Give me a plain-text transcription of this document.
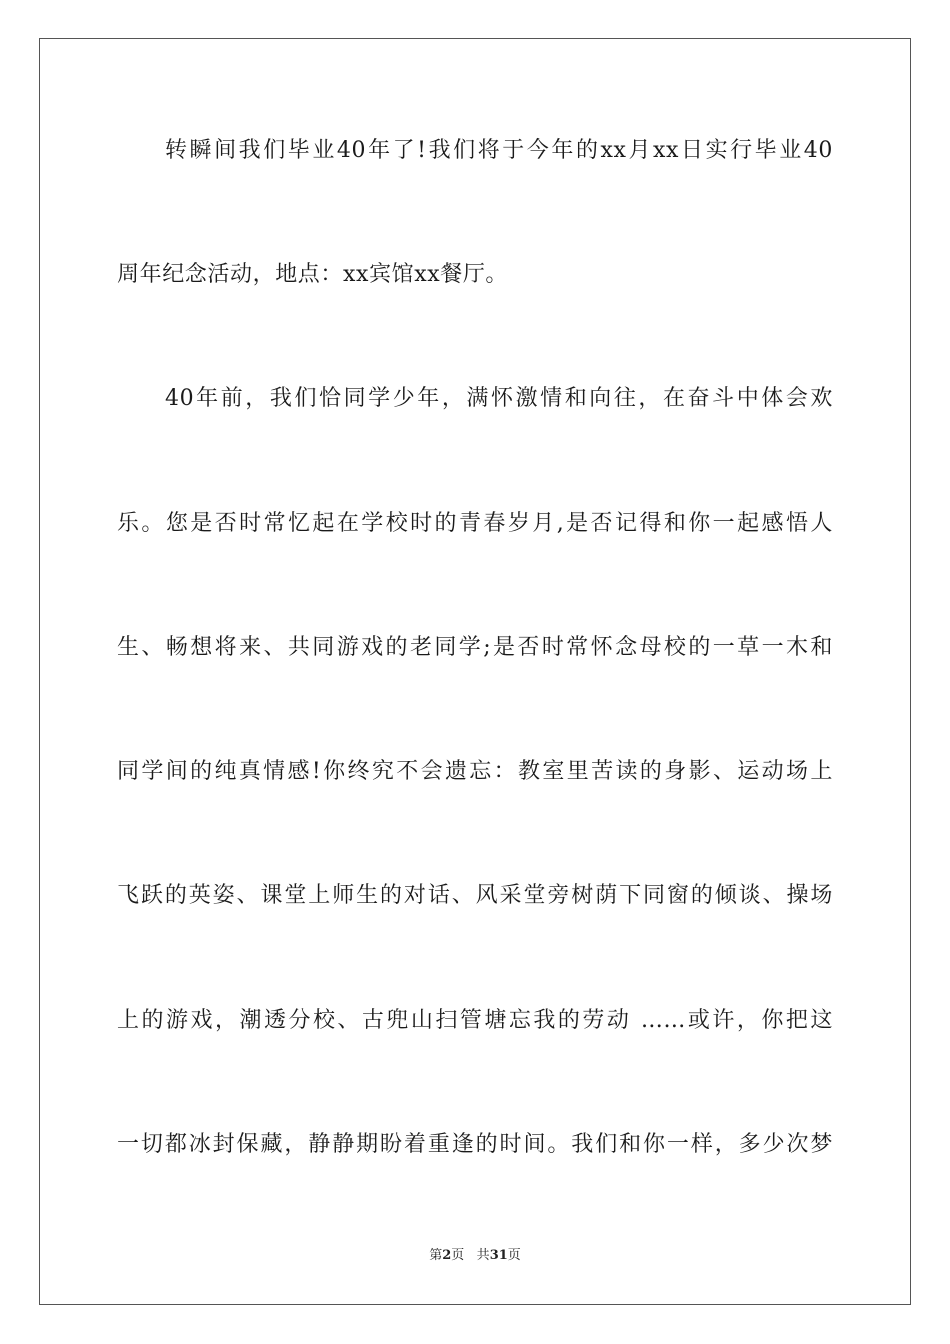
转瞬间我们毕业40年了!我们将于今年的xx月xx日实行毕业40
周年纪念活动，地点：xx宾馆xx餐厅。
40年前，我们恰同学少年，满怀激情和向往，在奋斗中体会欢
乐。您是否时常忆起在学校时的青春岁月,是否记得和你一起感悟人
生、畅想将来、共同游戏的老同学;是否时常怀念母校的一草一木和
同学间的纯真情感!你终究不会遗忘：教室里苦读的身影、运动场上
飞跃的英姿、课堂上师生的对话、风采堂旁树荫下同窗的倾谈、操场
上的游戏，潮透分校、古兜山扫管塘忘我的劳动 ……或许，你把这
一切都冰封保藏，静静期盼着重逢的时间。我们和你一样，多少次梦
第2页 共31页
